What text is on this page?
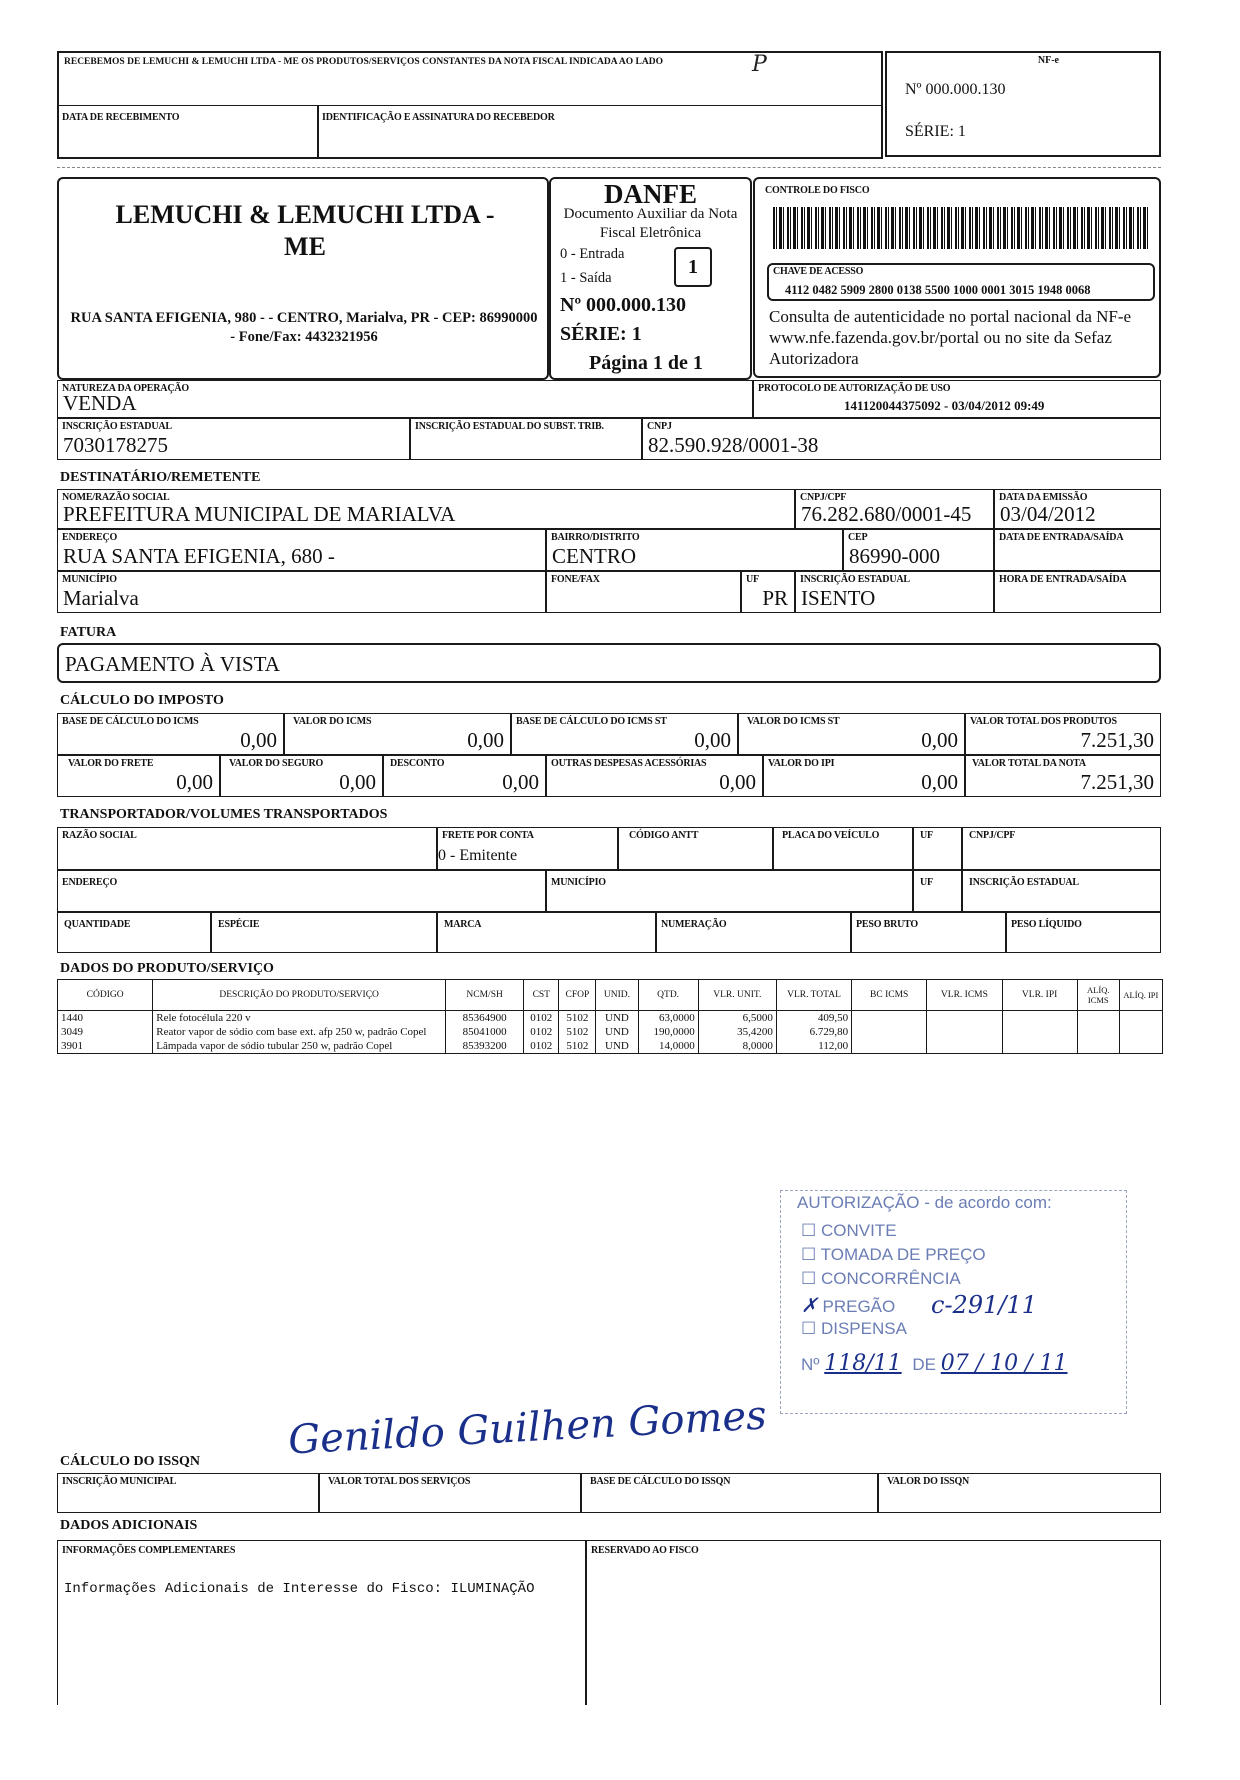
RECEBEMOS DE LEMUCHI & LEMUCHI LTDA - ME OS PRODUTOS/SERVIÇOS CONSTANTES DA NOTA FISCAL INDICADA AO LADO	P
DATA DE RECEBIMENTO	IDENTIFICAÇÃO E ASSINATURA DO RECEBEDOR
NF-e
Nº 000.000.130
SÉRIE: 1
LEMUCHI & LEMUCHI LTDA - ME
RUA SANTA EFIGENIA, 980 - - CENTRO, Marialva, PR - CEP: 86990000 - Fone/Fax: 4432321956
DANFE
Documento Auxiliar da Nota Fiscal Eletrônica
0 - Entrada
1 - Saída	1
Nº 000.000.130
SÉRIE: 1
Página 1 de 1
CONTROLE DO FISCO
CHAVE DE ACESSO
4112 0482 5909 2800 0138 5500 1000 0001 3015 1948 0068
Consulta de autenticidade no portal nacional da NF-e www.nfe.fazenda.gov.br/portal ou no site da Sefaz Autorizadora
NATUREZA DA OPERAÇÃO
VENDA
PROTOCOLO DE AUTORIZAÇÃO DE USO
141120044375092 - 03/04/2012 09:49
INSCRIÇÃO ESTADUAL
7030178275
INSCRIÇÃO ESTADUAL DO SUBST. TRIB.	CNPJ
82.590.928/0001-38
DESTINATÁRIO/REMETENTE
NOME/RAZÃO SOCIAL
PREFEITURA MUNICIPAL DE MARIALVA
CNPJ/CPF
76.282.680/0001-45
DATA DA EMISSÃO
03/04/2012
ENDEREÇO
RUA SANTA EFIGENIA, 680 -
BAIRRO/DISTRITO
CENTRO
CEP
86990-000
DATA DE ENTRADA/SAÍDA
MUNICÍPIO
Marialva
FONE/FAX	UF
PR
INSCRIÇÃO ESTADUAL
ISENTO
HORA DE ENTRADA/SAÍDA
FATURA
PAGAMENTO À VISTA
CÁLCULO DO IMPOSTO
BASE DE CÁLCULO DO ICMS
0,00
VALOR DO ICMS
0,00
BASE DE CÁLCULO DO ICMS ST
0,00
VALOR DO ICMS ST
0,00
VALOR TOTAL DOS PRODUTOS
7.251,30
VALOR DO FRETE
0,00
VALOR DO SEGURO
0,00
DESCONTO
0,00
OUTRAS DESPESAS ACESSÓRIAS
0,00
VALOR DO IPI
0,00
VALOR TOTAL DA NOTA
7.251,30
TRANSPORTADOR/VOLUMES TRANSPORTADOS
RAZÃO SOCIAL	FRETE POR CONTA
0 - Emitente
CÓDIGO ANTT	PLACA DO VEÍCULO	UF	CNPJ/CPF
ENDEREÇO	MUNICÍPIO	UF	INSCRIÇÃO ESTADUAL
QUANTIDADE	ESPÉCIE	MARCA	NUMERAÇÃO	PESO BRUTO	PESO LÍQUIDO
DADOS DO PRODUTO/SERVIÇO
CÓDIGO	DESCRIÇÃO DO PRODUTO/SERVIÇO	NCM/SH	CST	CFOP	UNID.	QTD.	VLR. UNIT.	VLR. TOTAL	BC ICMS	VLR. ICMS	VLR. IPI	ALÍQ. ICMS	ALÍQ. IPI
1440	Rele fotocélula 220 v	85364900	0102	5102	UND	63,0000	6,5000	409,50					
3049	Reator vapor de sódio com base ext. afp 250 w, padrão Copel	85041000	0102	5102	UND	190,0000	35,4200	6.729,80					
3901	Lâmpada vapor de sódio tubular 250 w, padrão Copel	85393200	0102	5102	UND	14,0000	8,0000	112,00					
AUTORIZAÇÃO - de acordo com:
☐ CONVITE
☐ TOMADA DE PREÇO
☐ CONCORRÊNCIA
✗ PREGÃO c-291/11
☐ DISPENSA
Nº 118/11 DE 07 / 10 / 11
Genildo Guilhen Gomes
CÁLCULO DO ISSQN
INSCRIÇÃO MUNICIPAL	VALOR TOTAL DOS SERVIÇOS	BASE DE CÁLCULO DO ISSQN	VALOR DO ISSQN
DADOS ADICIONAIS
INFORMAÇÕES COMPLEMENTARES
Informações Adicionais de Interesse do Fisco: ILUMINAÇÃO
RESERVADO AO FISCO
